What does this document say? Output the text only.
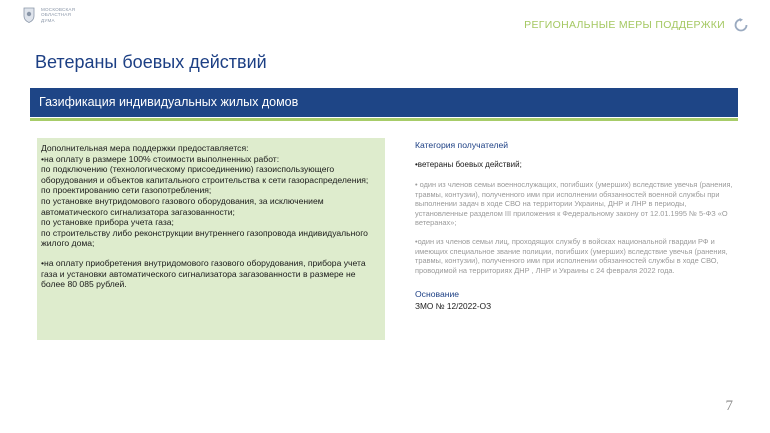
МОСКОВСКАЯ
ОБЛАСТНАЯ
ДУМА	РЕГИОНАЛЬНЫЕ МЕРЫ ПОДДЕРЖКИ
Ветераны боевых действий
Газификация индивидуальных жилых домов

Дополнительная мера поддержки предоставляется:

•на оплату в размере 100% стоимости выполненных работ:

по подключению (технологическому присоединению) газоиспользующего оборудования и объектов капитального строительства к сети газораспределения;

по проектированию сети газопотребления;

по установке внутридомового газового оборудования, за исключением автоматического сигнализатора загазованности;

по установке прибора учета газа;

по строительству либо реконструкции внутреннего газопровода индивидуального жилого дома;

•на оплату приобретения внутридомового газового оборудования, прибора учета газа и установки автоматического сигнализатора загазованности в размере не более 80 085 рублей.

Категория получателей

•ветераны боевых действий;

• один из членов семьи военнослужащих, погибших (умерших) вследствие увечья (ранения, травмы, контузии), полученного ими при исполнении обязанностей военной службы при выполнении задач в ходе СВО на территории Украины, ДНР и ЛНР в периоды, установленные разделом III приложения к Федеральному закону от 12.01.1995 № 5-ФЗ «О ветеранах»;

•один из членов семьи лиц, проходящих службу в войсках национальной гвардии РФ и имеющих специальное звание полиции, погибших (умерших) вследствие увечья (ранения, травмы, контузии), полученного ими при исполнении обязанностей службы в ходе СВО, проводимой на территориях ДНР , ЛНР и Украины с 24 февраля 2022 года.

Основание

ЗМО № 12/2022-ОЗ

7
